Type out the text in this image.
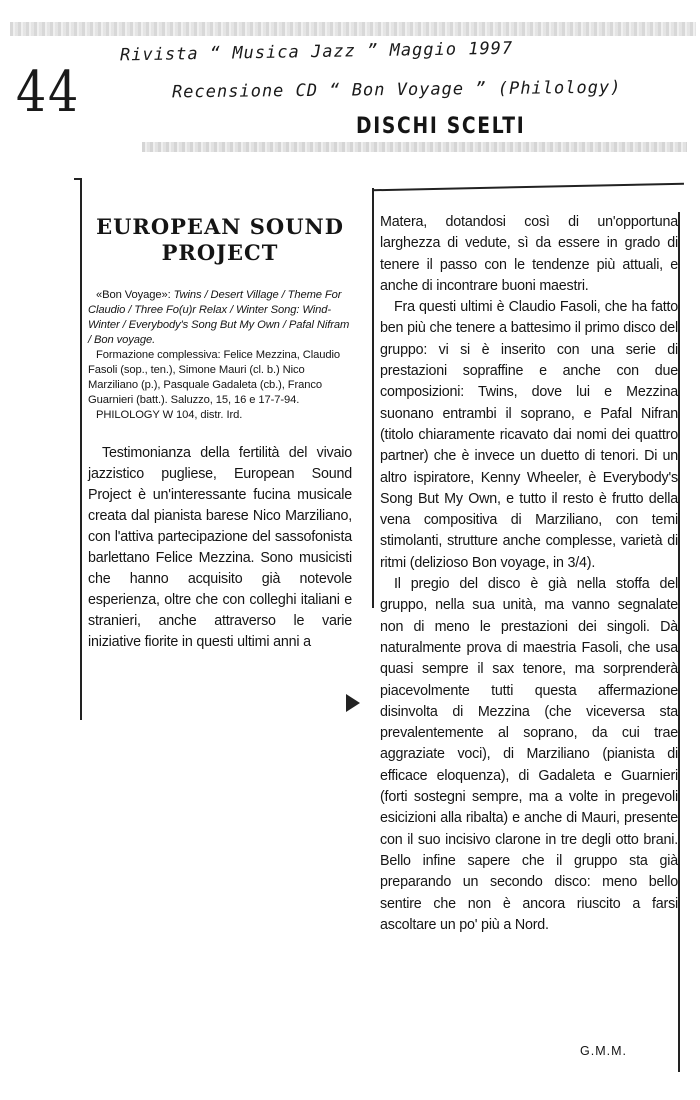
44
Rivista “ Musica Jazz ” Maggio 1997
Recensione CD “ Bon Voyage ” (Philology)
DISCHI SCELTI
EUROPEAN SOUND
PROJECT

«Bon Voyage»: Twins / Desert Village / Theme For Claudio / Three Fo(u)r Relax / Winter Song: Wind-Winter / Everybody's Song But My Own / Pafal Nifram / Bon voyage.

Formazione complessiva: Felice Mezzina, Claudio Fasoli (sop., ten.), Simone Mauri (cl. b.) Nico Marziliano (p.), Pasquale Gadaleta (cb.), Franco Guarnieri (batt.). Saluzzo, 15, 16 e 17-7-94.

PHILOLOGY W 104, distr. Ird.

Testimonianza della fertilità del vivaio jazzistico pugliese, European Sound Project è un'interessante fucina musicale creata dal pianista barese Nico Marziliano, con l'attiva partecipazione del sassofonista barlettano Felice Mezzina. Sono musicisti che hanno acquisito già notevole esperienza, oltre che con colleghi italiani e stranieri, anche attraverso le varie iniziative fiorite in questi ultimi anni a

Matera, dotandosi così di un'opportuna larghezza di vedute, sì da essere in grado di tenere il passo con le tendenze più attuali, e anche di incontrare buoni maestri.

Fra questi ultimi è Claudio Fasoli, che ha fatto ben più che tenere a battesimo il primo disco del gruppo: vi si è inserito con una serie di prestazioni sopraffine e anche con due composizioni: Twins, dove lui e Mezzina suonano entrambi il soprano, e Pafal Nifran (titolo chiaramente ricavato dai nomi dei quattro partner) che è invece un duetto di tenori. Di un altro ispiratore, Kenny Wheeler, è Everybody's Song But My Own, e tutto il resto è frutto della vena compositiva di Marziliano, con temi stimolanti, strutture anche complesse, varietà di ritmi (delizioso Bon voyage, in 3/4).

Il pregio del disco è già nella stoffa del gruppo, nella sua unità, ma vanno segnalate non di meno le prestazioni dei singoli. Dà naturalmente prova di maestria Fasoli, che usa quasi sempre il sax tenore, ma sorprenderà piacevolmente tutti questa affermazione disinvolta di Mezzina (che viceversa sta prevalentemente al soprano, da cui trae aggraziate voci), di Marziliano (pianista di efficace eloquenza), di Gadaleta e Guarnieri (forti sostegni sempre, ma a volte in pregevoli esicizioni alla ribalta) e anche di Mauri, presente con il suo incisivo clarone in tre degli otto brani. Bello infine sapere che il gruppo sta già preparando un secondo disco: meno bello sentire che non è ancora riuscito a farsi ascoltare un po' più a Nord.

G.M.M.
